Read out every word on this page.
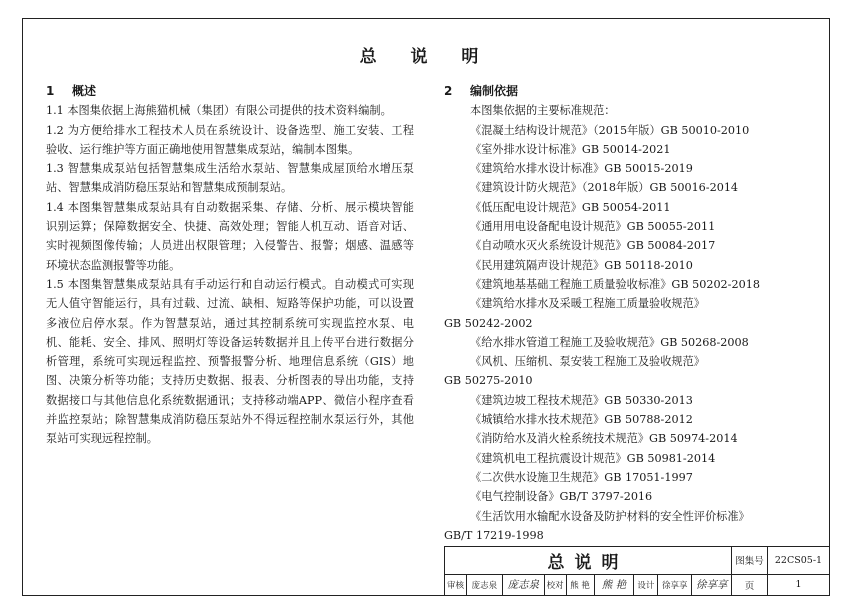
总 说 明
1 概述
1.1 本图集依据上海熊猫机械（集团）有限公司提供的技术资料编制。
1.2 为方便给排水工程技术人员在系统设计、设备选型、施工安装、工程验收、运行维护等方面正确地使用智慧集成泵站，编制本图集。
1.3 智慧集成泵站包括智慧集成生活给水泵站、智慧集成屋顶给水增压泵站、智慧集成消防稳压泵站和智慧集成预制泵站。
1.4 本图集智慧集成泵站具有自动数据采集、存储、分析、展示模块智能识别运算；保障数据安全、快捷、高效处理；智能人机互动、语音对话、实时视频图像传输；人员进出权限管理；入侵警告、报警；烟感、温感等环境状态监测报警等功能。
1.5 本图集智慧集成泵站具有手动运行和自动运行模式。自动模式可实现无人值守智能运行，具有过载、过流、缺相、短路等保护功能，可以设置多液位启停水泵。作为智慧泵站，通过其控制系统可实现监控水泵、电机、能耗、安全、排风、照明灯等设备运转数据并且上传平台进行数据分析管理，系统可实现远程监控、预警报警分析、地理信息系统（GIS）地图、决策分析等功能；支持历史数据、报表、分析图表的导出功能，支持数据接口与其他信息化系统数据通讯；支持移动端APP、微信小程序查看并监控泵站；除智慧集成消防稳压泵站外不得远程控制水泵运行外，其他泵站可实现远程控制。
2 编制依据
本图集依据的主要标准规范：
《混凝土结构设计规范》（2015年版）GB 50010-2010
《室外排水设计标准》GB 50014-2021
《建筑给水排水设计标准》GB 50015-2019
《建筑设计防火规范》（2018年版）GB 50016-2014
《低压配电设计规范》GB 50054-2011
《通用用电设备配电设计规范》GB 50055-2011
《自动喷水灭火系统设计规范》GB 50084-2017
《民用建筑隔声设计规范》GB 50118-2010
《建筑地基基础工程施工质量验收标准》GB 50202-2018
《建筑给水排水及采暖工程施工质量验收规范》
GB 50242-2002
《给水排水管道工程施工及验收规范》GB 50268-2008
《风机、压缩机、泵安装工程施工及验收规范》
GB 50275-2010
《建筑边坡工程技术规范》GB 50330-2013
《城镇给水排水技术规范》GB 50788-2012
《消防给水及消火栓系统技术规范》GB 50974-2014
《建筑机电工程抗震设计规范》GB 50981-2014
《二次供水设施卫生规范》GB 17051-1997
《电气控制设备》GB/T 3797-2016
《生活饮用水输配水设备及防护材料的安全性评价标准》
GB/T 17219-1998
总说明									图集号	22CS05-1
审核	庞志泉	庞志泉	校对	熊 艳	熊 艳	设计	徐享享	徐享享	页	1
